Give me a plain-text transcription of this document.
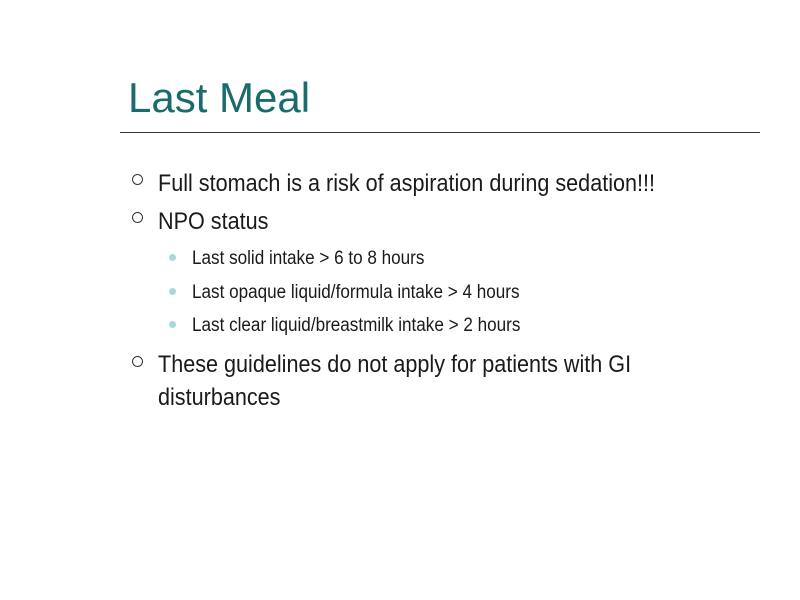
Last Meal
Full stomach is a risk of aspiration during sedation!!!
NPO status
Last solid intake > 6 to 8 hours
Last opaque liquid/formula intake > 4 hours
Last clear liquid/breastmilk intake > 2 hours
These guidelines do not apply for patients with GI
disturbances
